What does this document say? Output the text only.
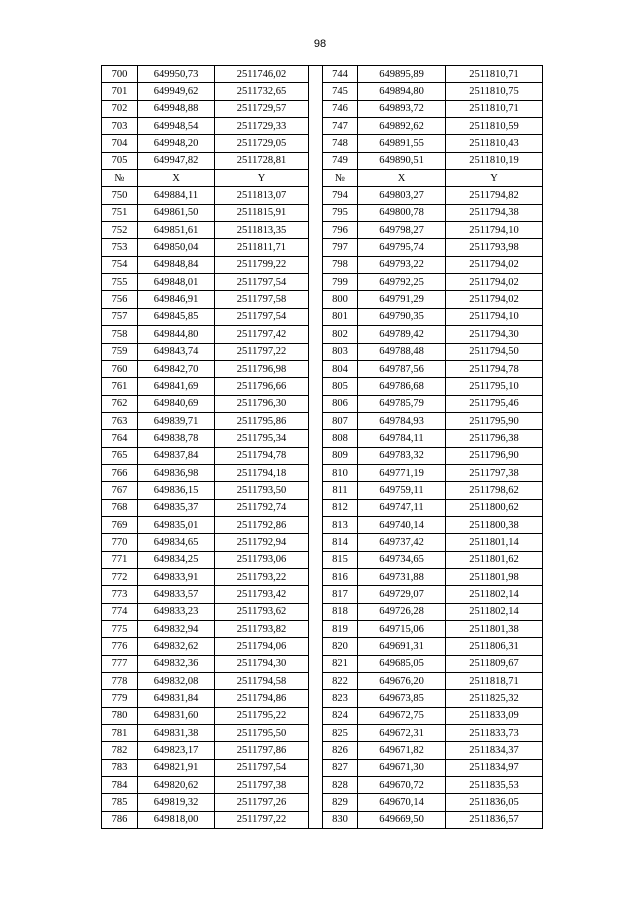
98
700	649950,73	2511746,02		744	649895,89	2511810,71
701	649949,62	2511732,65		745	649894,80	2511810,75
702	649948,88	2511729,57		746	649893,72	2511810,71
703	649948,54	2511729,33		747	649892,62	2511810,59
704	649948,20	2511729,05		748	649891,55	2511810,43
705	649947,82	2511728,81		749	649890,51	2511810,19
№	X	Y		№	X	Y
750	649884,11	2511813,07		794	649803,27	2511794,82
751	649861,50	2511815,91		795	649800,78	2511794,38
752	649851,61	2511813,35		796	649798,27	2511794,10
753	649850,04	2511811,71		797	649795,74	2511793,98
754	649848,84	2511799,22		798	649793,22	2511794,02
755	649848,01	2511797,54		799	649792,25	2511794,02
756	649846,91	2511797,58		800	649791,29	2511794,02
757	649845,85	2511797,54		801	649790,35	2511794,10
758	649844,80	2511797,42		802	649789,42	2511794,30
759	649843,74	2511797,22		803	649788,48	2511794,50
760	649842,70	2511796,98		804	649787,56	2511794,78
761	649841,69	2511796,66		805	649786,68	2511795,10
762	649840,69	2511796,30		806	649785,79	2511795,46
763	649839,71	2511795,86		807	649784,93	2511795,90
764	649838,78	2511795,34		808	649784,11	2511796,38
765	649837,84	2511794,78		809	649783,32	2511796,90
766	649836,98	2511794,18		810	649771,19	2511797,38
767	649836,15	2511793,50		811	649759,11	2511798,62
768	649835,37	2511792,74		812	649747,11	2511800,62
769	649835,01	2511792,86		813	649740,14	2511800,38
770	649834,65	2511792,94		814	649737,42	2511801,14
771	649834,25	2511793,06		815	649734,65	2511801,62
772	649833,91	2511793,22		816	649731,88	2511801,98
773	649833,57	2511793,42		817	649729,07	2511802,14
774	649833,23	2511793,62		818	649726,28	2511802,14
775	649832,94	2511793,82		819	649715,06	2511801,38
776	649832,62	2511794,06		820	649691,31	2511806,31
777	649832,36	2511794,30		821	649685,05	2511809,67
778	649832,08	2511794,58		822	649676,20	2511818,71
779	649831,84	2511794,86		823	649673,85	2511825,32
780	649831,60	2511795,22		824	649672,75	2511833,09
781	649831,38	2511795,50		825	649672,31	2511833,73
782	649823,17	2511797,86		826	649671,82	2511834,37
783	649821,91	2511797,54		827	649671,30	2511834,97
784	649820,62	2511797,38		828	649670,72	2511835,53
785	649819,32	2511797,26		829	649670,14	2511836,05
786	649818,00	2511797,22		830	649669,50	2511836,57
